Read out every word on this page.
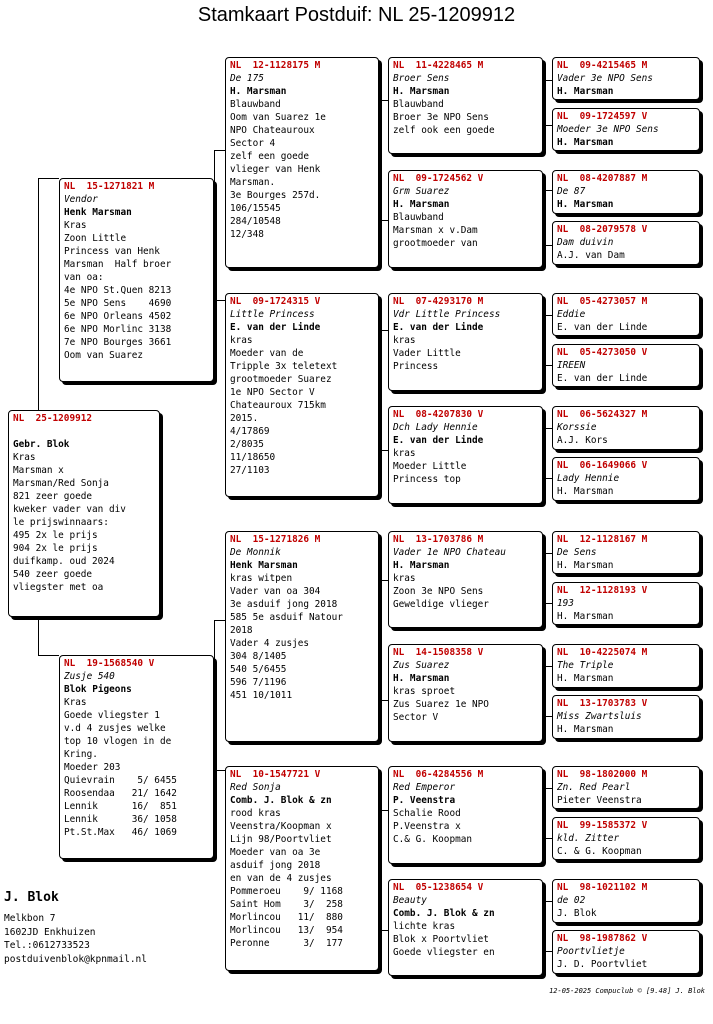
Stamkaart Postduif: NL 25-1209912
NL  25-1209912
Gebr. Blok
Kras
Marsman x
Marsman/Red Sonja
821 zeer goede
kweker vader van div
le prijswinnaars:
495 2x le prijs
904 2x le prijs
duifkamp. oud 2024
540 zeer goede
vliegster met oa
NL  15-1271821 M
Vendor
Henk Marsman
Kras
Zoon Little
Princess van Henk
Marsman  Half broer
van oa:
4e NPO St.Quen 8213
5e NPO Sens    4690
6e NPO Orleans 4502
6e NPO Morlinc 3138
7e NPO Bourges 3661
Oom van Suarez
NL  19-1568540 V
Zusje 540
Blok Pigeons
Kras
Goede vliegster 1
v.d 4 zusjes welke
top 10 vlogen in de
Kring.
Moeder 203
Quievrain    5/ 6455
Roosendaa   21/ 1642
Lennik      16/  851
Lennik      36/ 1058
Pt.St.Max   46/ 1069
NL  12-1128175 M
De 175
H. Marsman
Blauwband
Oom van Suarez 1e
NPO Chateauroux
Sector 4
zelf een goede
vlieger van Henk
Marsman.
3e Bourges 257d.
106/15545
284/10548
12/348
NL  09-1724315 V
Little Princess
E. van der Linde
kras
Moeder van de
Tripple 3x teletext
grootmoeder Suarez
1e NPO Sector V
Chateauroux 715km
2015.
4/17869
2/8035
11/18650
27/1103
NL  15-1271826 M
De Monnik
Henk Marsman
kras witpen
Vader van oa 304
3e asduif jong 2018
585 5e asduif Natour
2018
Vader 4 zusjes
304 8/1405
540 5/6455
596 7/1196
451 10/1011
NL  10-1547721 V
Red Sonja
Comb. J. Blok & zn
rood kras
Veenstra/Koopman x
Lijn 98/Poortvliet
Moeder van oa 3e
asduif jong 2018
en van de 4 zusjes
Pommeroeu    9/ 1168
Saint Hom    3/  258
Morlincou   11/  880
Morlincou   13/  954
Peronne      3/  177
NL  11-4228465 M
Broer Sens
H. Marsman
Blauwband
Broer 3e NPO Sens
zelf ook een goede
NL  09-1724562 V
Grm Suarez
H. Marsman
Blauwband
Marsman x v.Dam
grootmoeder van
NL  07-4293170 M
Vdr Little Princess
E. van der Linde
kras
Vader Little
Princess
NL  08-4207830 V
Dch Lady Hennie
E. van der Linde
kras
Moeder Little
Princess top
NL  13-1703786 M
Vader 1e NPO Chateau
H. Marsman
kras
Zoon 3e NPO Sens
Geweldige vlieger
NL  14-1508358 V
Zus Suarez
H. Marsman
kras sproet
Zus Suarez 1e NPO
Sector V
NL  06-4284556 M
Red Emperor
P. Veenstra
Schalie Rood
P.Veenstra x
C.& G. Koopman
NL  05-1238654 V
Beauty
Comb. J. Blok & zn
lichte kras
Blok x Poortvliet
Goede vliegster en
NL  09-4215465 M
Vader 3e NPO Sens
H. Marsman
NL  09-1724597 V
Moeder 3e NPO Sens
H. Marsman
NL  08-4207887 M
De 87
H. Marsman
NL  08-2079578 V
Dam duivin
A.J. van Dam
NL  05-4273057 M
Eddie
E. van der Linde
NL  05-4273050 V
IREEN
E. van der Linde
NL  06-5624327 M
Korssie
A.J. Kors
NL  06-1649066 V
Lady Hennie
H. Marsman
NL  12-1128167 M
De Sens
H. Marsman
NL  12-1128193 V
193
H. Marsman
NL  10-4225074 M
The Triple
H. Marsman
NL  13-1703783 V
Miss Zwartsluis
H. Marsman
NL  98-1802000 M
Zn. Red Pearl
Pieter Veenstra
NL  99-1585372 V
kld. Zitter
C. & G. Koopman
NL  98-1021102 M
de 02
J. Blok
NL  98-1987862 V
Poortvlietje
J. D. Poortvliet
J. Blok
Melkbon 7
1602JD Enkhuizen
Tel.:0612733523
postduivenblok@kpnmail.nl
12-05-2025 Compuclub © [9.48] J. Blok
